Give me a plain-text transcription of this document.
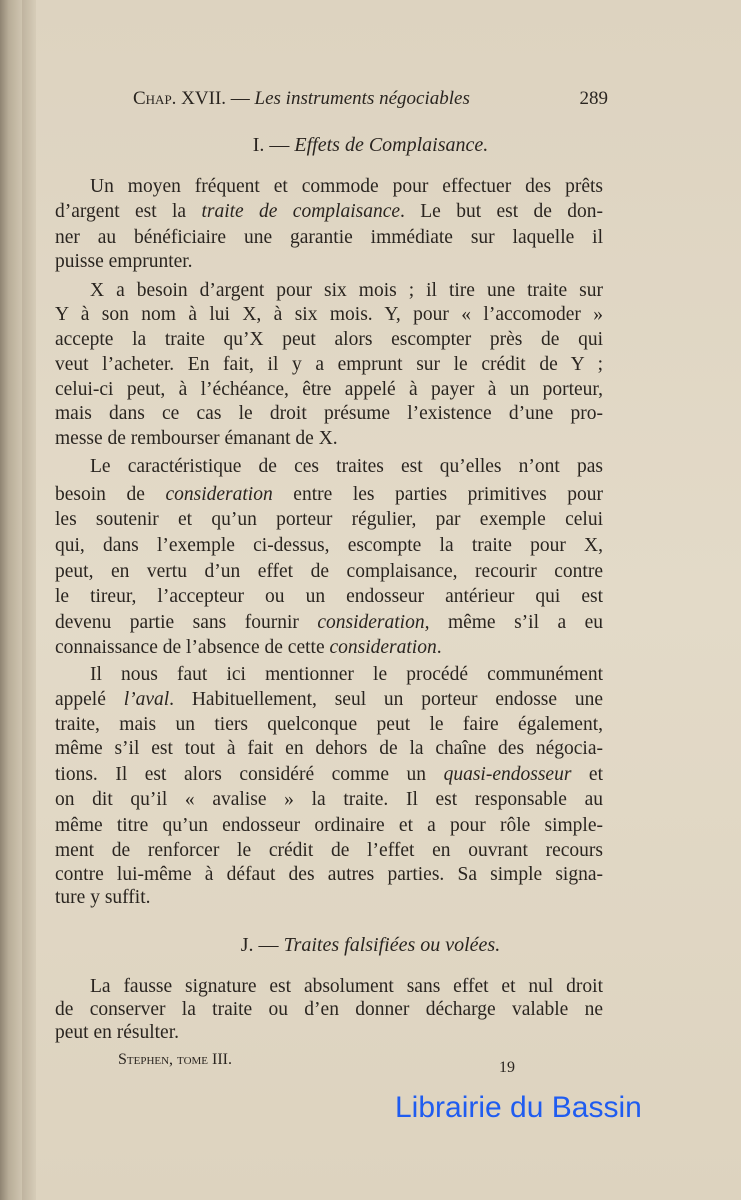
Chap. XVII. — Les instruments négociables	289
I. — Effets de Complaisance.
Un moyen fréquent et commode pour effectuer des prêts
d’argent est la traite de complaisance. Le but est de don-
ner au bénéficiaire une garantie immédiate sur laquelle il
puisse emprunter.
X a besoin d’argent pour six mois ; il tire une traite sur
Y à son nom à lui X, à six mois. Y, pour « l’accomoder »
accepte la traite qu’X peut alors escompter près de qui
veut l’acheter. En fait, il y a emprunt sur le crédit de Y ;
celui-ci peut, à l’échéance, être appelé à payer à un porteur,
mais dans ce cas le droit présume l’existence d’une pro-
messe de rembourser émanant de X.
Le caractéristique de ces traites est qu’elles n’ont pas
besoin de consideration entre les parties primitives pour
les soutenir et qu’un porteur régulier, par exemple celui
qui, dans l’exemple ci-dessus, escompte la traite pour X,
peut, en vertu d’un effet de complaisance, recourir contre
le tireur, l’accepteur ou un endosseur antérieur qui est
devenu partie sans fournir consideration, même s’il a eu
connaissance de l’absence de cette consideration.
Il nous faut ici mentionner le procédé communément
appelé l’aval. Habituellement, seul un porteur endosse une
traite, mais un tiers quelconque peut le faire également,
même s’il est tout à fait en dehors de la chaîne des négocia-
tions. Il est alors considéré comme un quasi-endosseur et
on dit qu’il « avalise » la traite. Il est responsable au
même titre qu’un endosseur ordinaire et a pour rôle simple-
ment de renforcer le crédit de l’effet en ouvrant recours
contre lui-même à défaut des autres parties. Sa simple signa-
ture y suffit.
La fausse signature est absolument sans effet et nul droit
de conserver la traite ou d’en donner décharge valable ne
peut en résulter.
J. — Traites falsifiées ou volées.
Stephen, tome III.	19
Librairie du Bassin
